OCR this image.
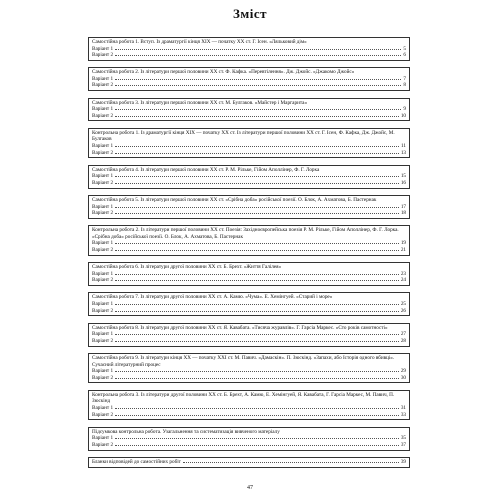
Зміст
Самостійна робота 1. Вступ. Із драматургії кінця ХІХ — початку ХХ ст. Г. Ісен. «Ляльковий дім»
Варіант 1	5
Варіант 2	6
Самостійна робота 2. Із літератури першої половини ХХ ст. Ф. Кафка. «Перевтілення». Дж. Джойс. «Джакомо Джойс»
Варіант 1	7
Варіант 2	8
Самостійна робота 3. Із літератури першої половини ХХ ст. М. Булгаков. «Майстер і Маргарита»
Варіант 1	9
Варіант 2	10
Контрольна робота 1. Із драматургії кінця ХІХ — початку ХХ ст. Із літератури першої половини ХХ ст. Г. Ісен, Ф. Кафка, Дж. Джойс, М. Булгаков
Варіант 1	11
Варіант 2	13
Самостійна робота 4. Із літератури першої половини ХХ ст. Р. М. Рільке, Гійом Аполлінер, Ф. Г. Лорка
Варіант 1	15
Варіант 2	16
Самостійна робота 5. Із літератури першої половини ХХ ст. «Срібна доба» російської поезії. О. Блок, А. Ахматова, Б. Пастернак
Варіант 1	17
Варіант 2	18
Контрольна робота 2. Із літератури першої половини ХХ ст. Поезія: Західноєвропейська поезія Р. М. Рільке, Гійом Аполлінер, Ф. Г. Лорка. «Срібна доба» російської поезії. О. Блок, А. Ахматова, Б. Пастернак
Варіант 1	19
Варіант 2	21
Самостійна робота 6. Із літератури другої половини ХХ ст. Б. Брехт. «Життя Галілея»
Варіант 1	23
Варіант 2	24
Самостійна робота 7. Із літератури другої половини ХХ ст. А. Камю. «Чума». Е. Хемінгуей. «Старий і море»
Варіант 1	25
Варіант 2	26
Самостійна робота 8. Із літератури другої половини ХХ ст. Я. Кавабата. «Тисяча журавлів». Г. Гарсіа Маркес. «Сто років самотності»
Варіант 1	27
Варіант 2	28
Самостійна робота 9. Із літератури кінця ХХ — початку ХХІ ст. М. Павич. «Дамаскін». П. Зюскінд. «Запахи, або Історія одного вбивці». Сучасний літературний процес
Варіант 1	29
Варіант 2	30
Контрольна робота 3. Із літератури другої половини ХХ ст. Б. Брехт, А. Камю, Е. Хемінгуей, Я. Кавабата, Г. Гарсіа Маркес, М. Павич, П. Зюскінд
Варіант 1	31
Варіант 2	33
Підсумкова контрольна робота. Узагальнення та систематизація вивченого матеріалу
Варіант 1	35
Варіант 2	37
Бланки відповідей до самостійних робіт	39
47
